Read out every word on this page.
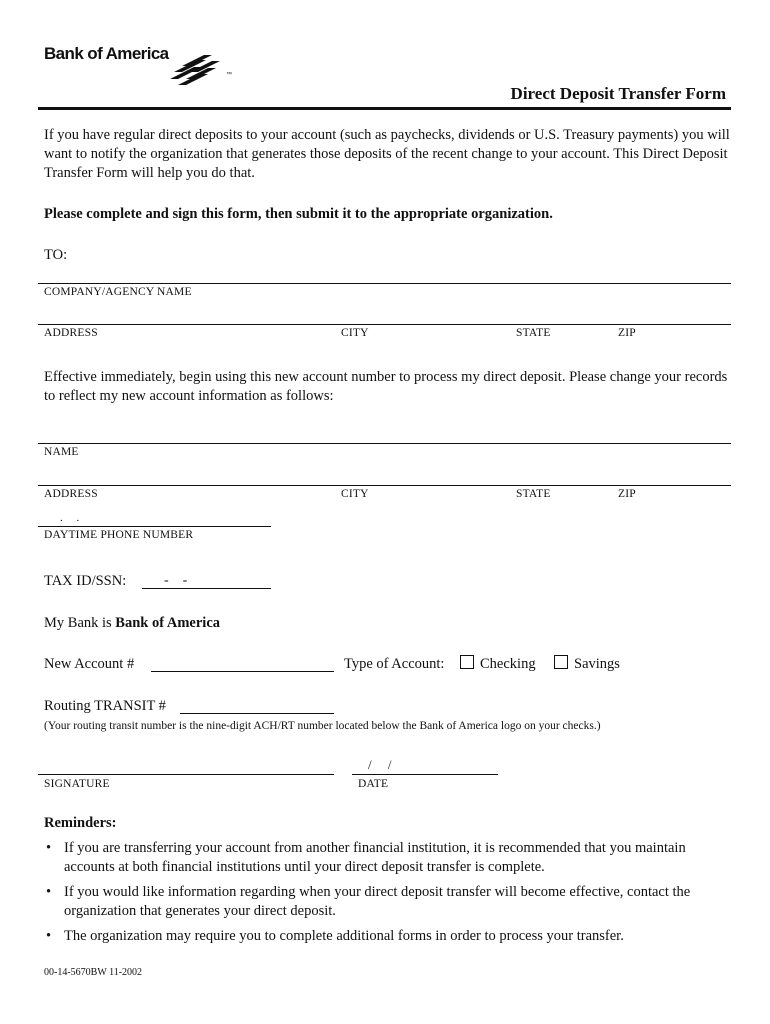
Bank of America
™
Direct Deposit Transfer Form
If you have regular direct deposits to your account (such as paychecks, dividends or U.S. Treasury payments) you will want to notify the organization that generates those deposits of the recent change to your account. This Direct Deposit Transfer Form will help you do that.
Please complete and sign this form, then submit it to the appropriate organization.
TO:
COMPANY/AGENCY NAME
ADDRESS	CITY	STATE	ZIP
Effective immediately, begin using this new account number to process my direct deposit. Please change your records to reflect my new account information as follows:
NAME
ADDRESS	CITY	STATE	ZIP
.     .
DAYTIME PHONE NUMBER
TAX ID/SSN:	-    -
My Bank is Bank of America
New Account #	Type of Account: Checking	Savings
Routing TRANSIT #
(Your routing transit number is the nine-digit ACH/RT number located below the Bank of America logo on your checks.)
SIGNATURE
/     /
DATE
Reminders:
• If you are transferring your account from another financial institution, it is recommended that you maintain accounts at both financial institutions until your direct deposit transfer is complete.
• If you would like information regarding when your direct deposit transfer will become effective, contact the organization that generates your direct deposit.
• The organization may require you to complete additional forms in order to process your transfer.
00-14-5670BW 11-2002
